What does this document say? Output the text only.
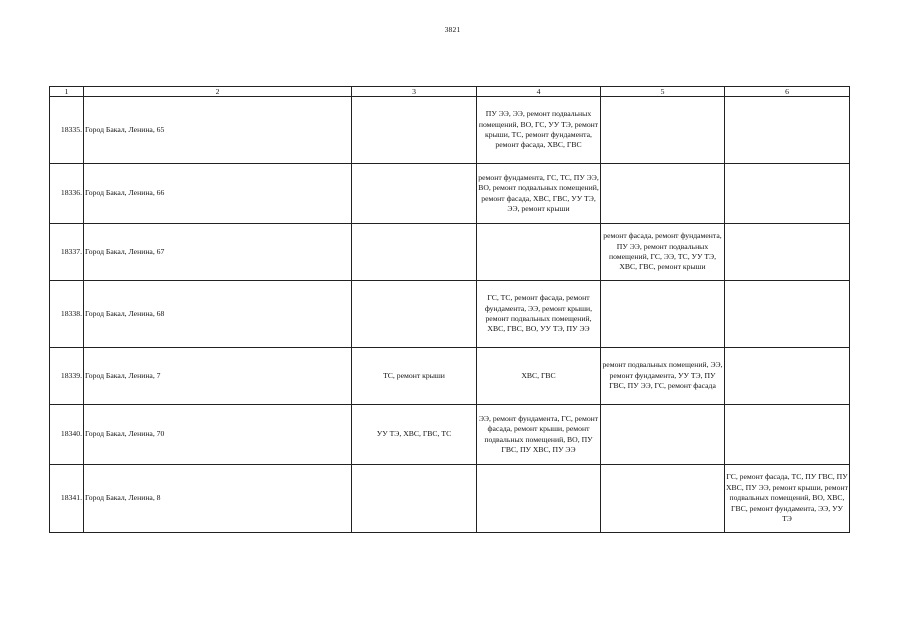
3821
1	2	3	4	5	6
18335.	Город Бакал, Ленина, 65		ПУ ЭЭ, ЭЭ, ремонт подвальных помещений, ВО, ГС, УУ ТЭ, ремонт крыши, ТС, ремонт фундамента, ремонт фасада, ХВС, ГВС		
18336.	Город Бакал, Ленина, 66		ремонт фундамента, ГС, ТС, ПУ ЭЭ, ВО, ремонт подвальных помещений, ремонт фасада, ХВС, ГВС, УУ ТЭ, ЭЭ, ремонт крыши		
18337.	Город Бакал, Ленина, 67			ремонт фасада, ремонт фундамента, ПУ ЭЭ, ремонт подвальных помещений, ГС, ЭЭ, ТС, УУ ТЭ, ХВС, ГВС, ремонт крыши	
18338.	Город Бакал, Ленина, 68		ГС, ТС, ремонт фасада, ремонт фундамента, ЭЭ, ремонт крыши, ремонт подвальных помещений, ХВС, ГВС, ВО, УУ ТЭ, ПУ ЭЭ		
18339.	Город Бакал, Ленина, 7	ТС, ремонт крыши	ХВС, ГВС	ремонт подвальных помещений, ЭЭ, ремонт фундамента, УУ ТЭ, ПУ ГВС, ПУ ЭЭ, ГС, ремонт фасада	
18340.	Город Бакал, Ленина, 70	УУ ТЭ, ХВС, ГВС, ТС	ЭЭ, ремонт фундамента, ГС, ремонт фасада, ремонт крыши, ремонт подвальных помещений, ВО, ПУ ГВС, ПУ ХВС, ПУ ЭЭ		
18341.	Город Бакал, Ленина, 8				ГС, ремонт фасада, ТС, ПУ ГВС, ПУ ХВС, ПУ ЭЭ, ремонт крыши, ремонт подвальных помещений, ВО, ХВС, ГВС, ремонт фундамента, ЭЭ, УУ ТЭ
